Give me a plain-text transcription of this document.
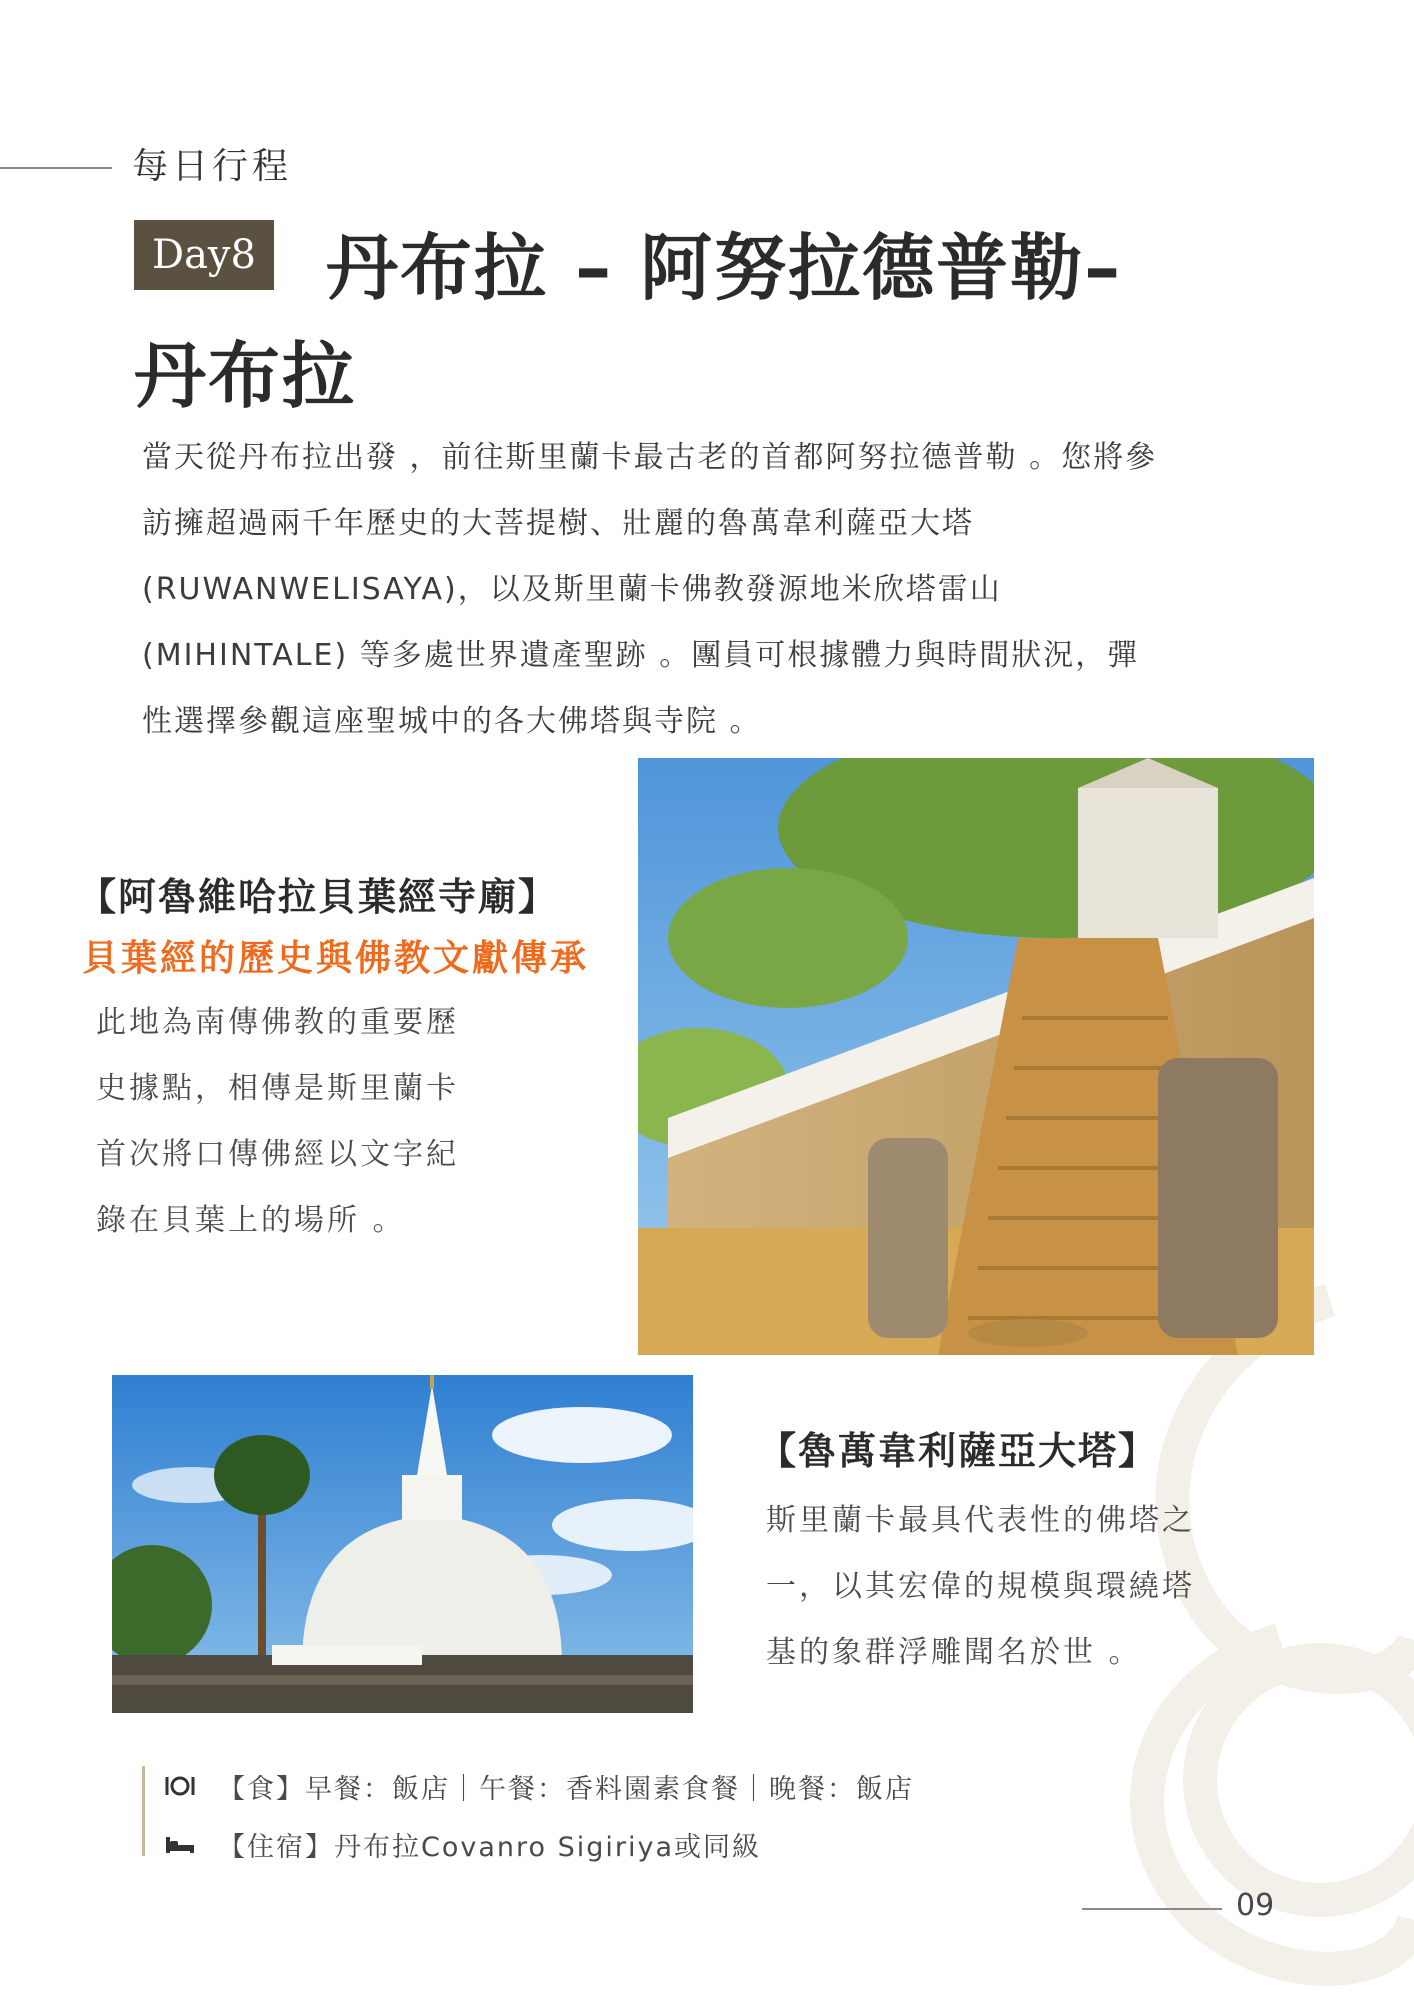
每日行程
Day8 丹布拉 – 阿努拉德普勒–
丹布拉

當天從丹布拉出發 ，前往斯里蘭卡最古老的首都阿努拉德普勒 。您將參

訪擁超過兩千年歷史的大菩提樹、壯麗的魯萬韋利薩亞大塔

(RUWANWELISAYA)，以及斯里蘭卡佛教發源地米欣塔雷山

(MIHINTALE) 等多處世界遺產聖跡 。團員可根據體力與時間狀況，彈

性選擇參觀這座聖城中的各大佛塔與寺院 。

【阿魯維哈拉貝葉經寺廟】
貝葉經的歷史與佛教文獻傳承

此地為南傳佛教的重要歷

史據點，相傳是斯里蘭卡

首次將口傳佛經以文字紀

錄在貝葉上的場所 。

【魯萬韋利薩亞大塔】

斯里蘭卡最具代表性的佛塔之

一，以其宏偉的規模與環繞塔

基的象群浮雕聞名於世 。

【食】早餐：飯店｜午餐：香料園素食餐｜晚餐：飯店
【住宿】丹布拉Covanro Sigiriya或同級
09
